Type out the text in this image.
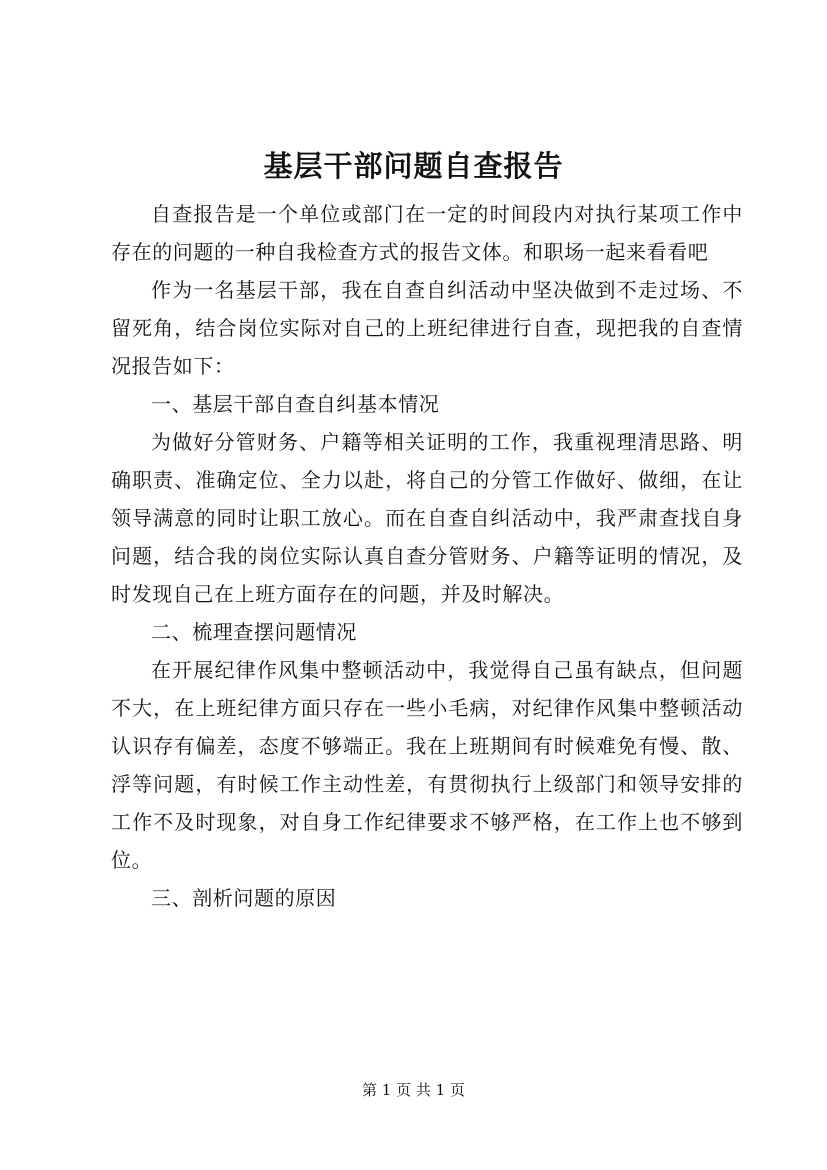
基层干部问题自查报告

自查报告是一个单位或部门在一定的时间段内对执行某项工作中存在的问题的一种自我检查方式的报告文体。和职场一起来看看吧

作为一名基层干部，我在自查自纠活动中坚决做到不走过场、不留死角，结合岗位实际对自己的上班纪律进行自查，现把我的自查情况报告如下：

一、基层干部自查自纠基本情况

为做好分管财务、户籍等相关证明的工作，我重视理清思路、明确职责、准确定位、全力以赴，将自己的分管工作做好、做细，在让领导满意的同时让职工放心。而在自查自纠活动中，我严肃查找自身问题，结合我的岗位实际认真自查分管财务、户籍等证明的情况，及时发现自己在上班方面存在的问题，并及时解决。

二、梳理查摆问题情况

在开展纪律作风集中整顿活动中，我觉得自己虽有缺点，但问题不大，在上班纪律方面只存在一些小毛病，对纪律作风集中整顿活动认识存有偏差，态度不够端正。我在上班期间有时候难免有慢、散、浮等问题，有时候工作主动性差，有贯彻执行上级部门和领导安排的工作不及时现象，对自身工作纪律要求不够严格，在工作上也不够到位。

三、剖析问题的原因

第 1 页 共 1 页
